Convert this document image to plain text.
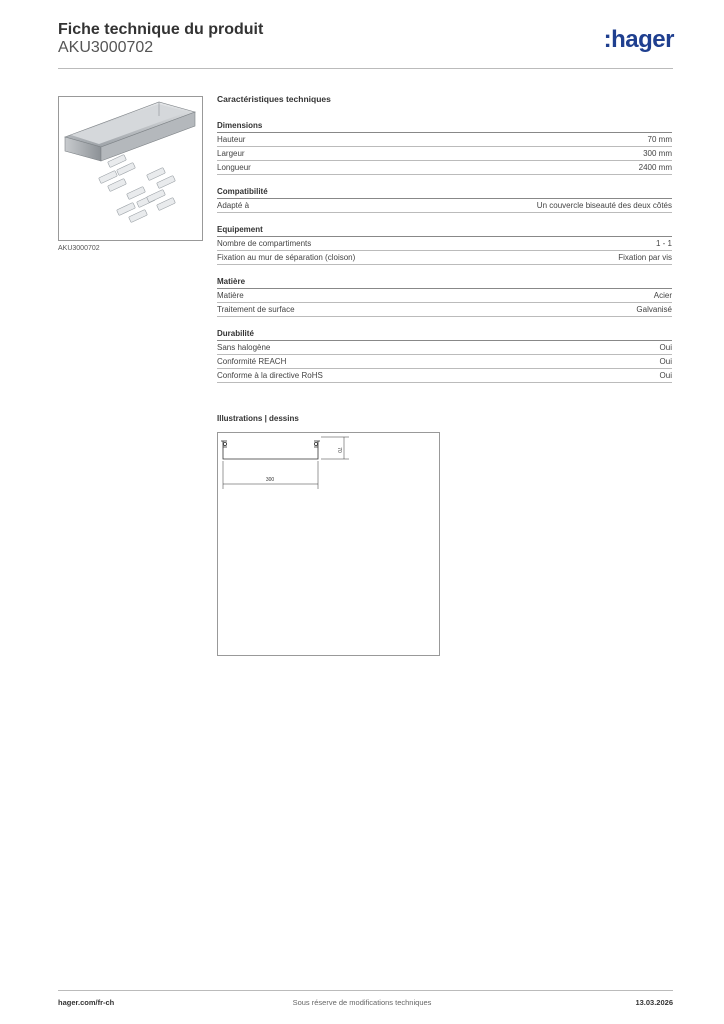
Fiche technique du produit
AKU3000702	:hager
AKU3000702
Caractéristiques techniques
Dimensions
Hauteur	70 mm
Largeur	300 mm
Longueur	2400 mm
Compatibilité
Adapté à	Un couvercle biseauté des deux côtés
Equipement
Nombre de compartiments	1 - 1
Fixation au mur de séparation (cloison)	Fixation par vis
Matière
Matière	Acier
Traitement de surface	Galvanisé
Durabilité
Sans halogène	Oui
Conformité REACH	Oui
Conforme à la directive RoHS	Oui
Illustrations | dessins
70
300
hager.com/fr-ch	Sous réserve de modifications techniques	13.03.2026
